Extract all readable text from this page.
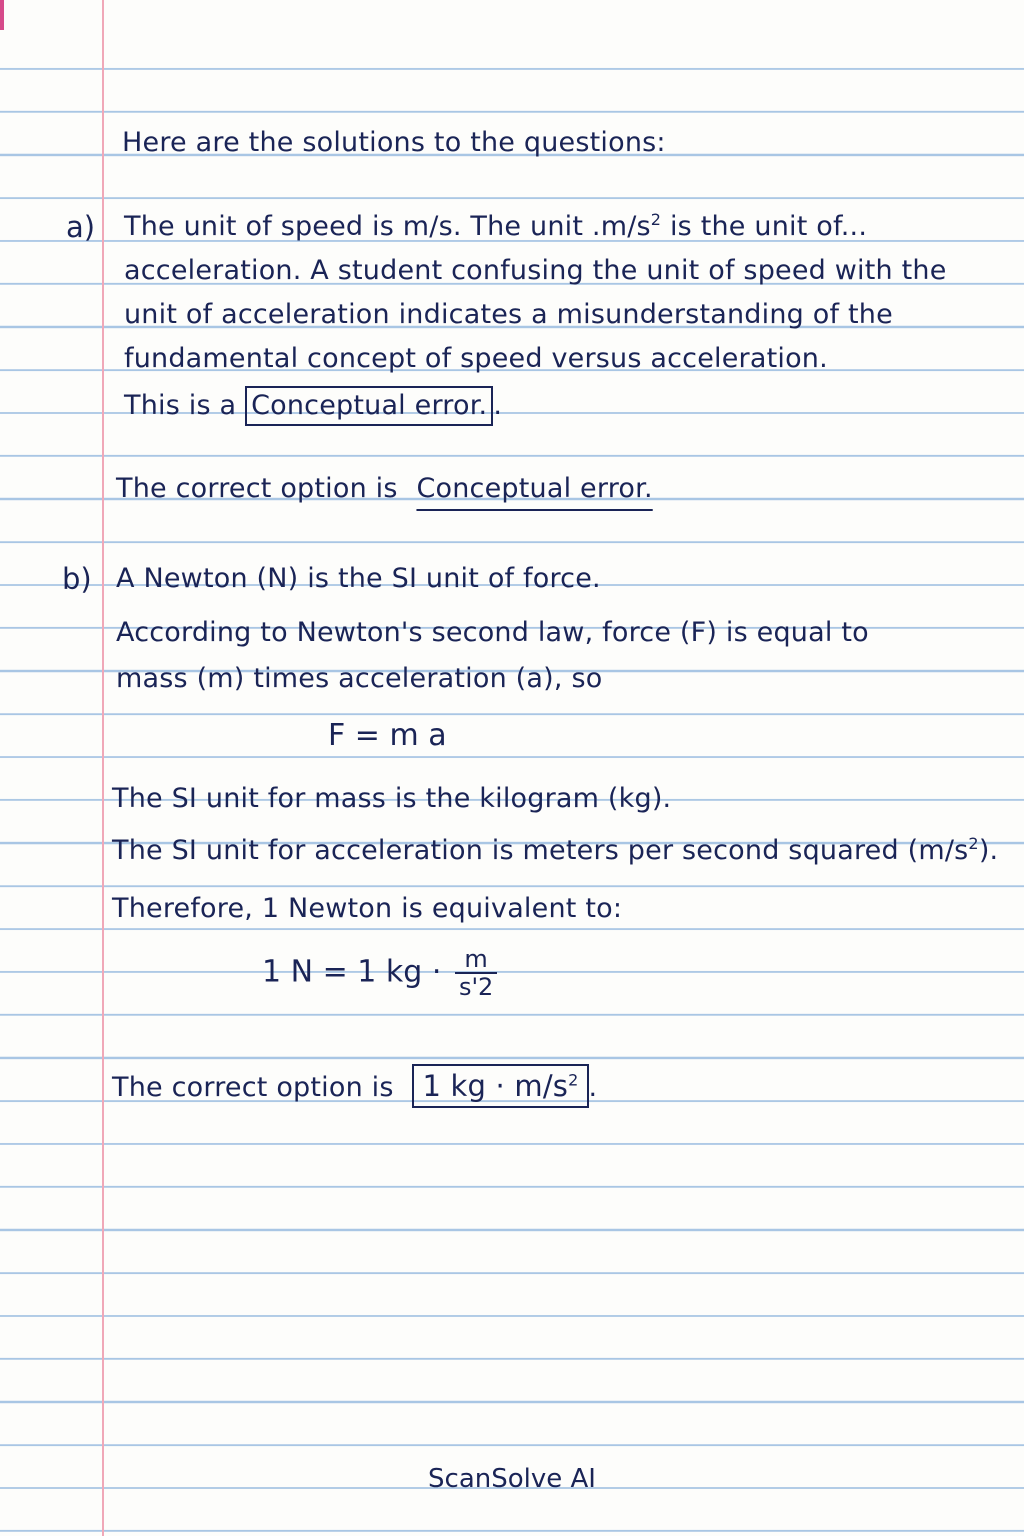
Here are the solutions to the questions:
a) The unit of speed is m/s. The unit $.m/s^2$ is the unit of...
acceleration. A student confusing the unit of speed with the
unit of acceleration indicates a misunderstanding of the
fundamental concept of speed versus acceleration.
This is a Conceptual error. .
The correct option is Conceptual error.
b) A Newton (N) is the SI unit of force.
According to Newton's second law, force (F) is equal to
mass (m) times acceleration (a), so
F = m a
The SI unit for mass is the kilogram (kg).
The SI unit for acceleration is meters per second squared $(m/s^2)$.
Therefore, 1 Newton is equivalent to:
1 N = 1 kg · $\frac{m}{s'2}$
The correct option is 1 kg · $m/s^2$ .
ScanSolve AI
